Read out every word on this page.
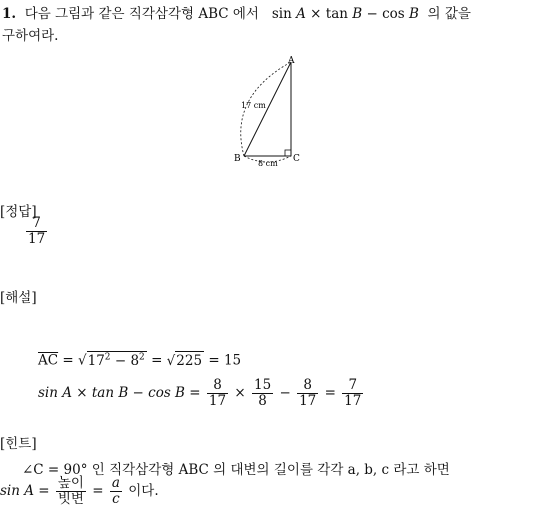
1. 다음 그림과 같은 직각삼각형 ABC 에서 sin A × tan B − cos B 의 값을
구하여라.
A
B	C
17 cm
8 cm
[정답]
$\frac{7}{17}$
[해설]
$\overline{AC} = √17^2 - 8^2 = √225 = 15$
$\sin A \times \tan B - \cos B = \frac{8}{17} \times \frac{15}{8} - \frac{8}{17} = \frac{7}{17}$
[힌트]
∠C = 90° 인 직각삼각형 ABC 의 대변의 길이를 각각 a, b, c 라고 하면
$\sin A = \frac{\text{높이}}{\text{빗변}} = \frac{a}{c}$ 이다.
